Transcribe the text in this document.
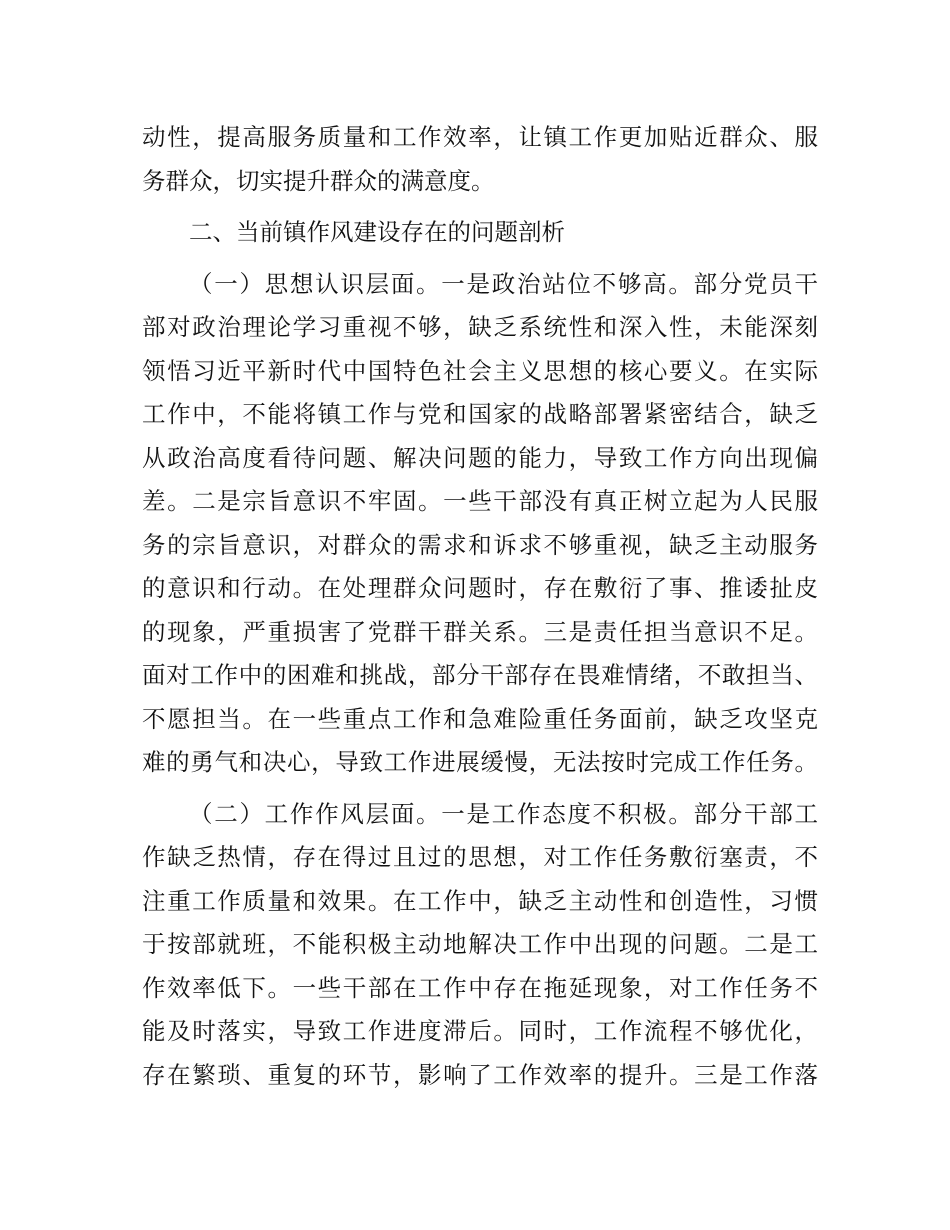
动性，提高服务质量和工作效率，让镇工作更加贴近群众、服
务群众，切实提升群众的满意度。
二、当前镇作风建设存在的问题剖析
（一）思想认识层面。一是政治站位不够高。部分党员干
部对政治理论学习重视不够，缺乏系统性和深入性，未能深刻
领悟习近平新时代中国特色社会主义思想的核心要义。在实际
工作中，不能将镇工作与党和国家的战略部署紧密结合，缺乏
从政治高度看待问题、解决问题的能力，导致工作方向出现偏
差。二是宗旨意识不牢固。一些干部没有真正树立起为人民服
务的宗旨意识，对群众的需求和诉求不够重视，缺乏主动服务
的意识和行动。在处理群众问题时，存在敷衍了事、推诿扯皮
的现象，严重损害了党群干群关系。三是责任担当意识不足。
面对工作中的困难和挑战，部分干部存在畏难情绪，不敢担当、
不愿担当。在一些重点工作和急难险重任务面前，缺乏攻坚克
难的勇气和决心，导致工作进展缓慢，无法按时完成工作任务。
（二）工作作风层面。一是工作态度不积极。部分干部工
作缺乏热情，存在得过且过的思想，对工作任务敷衍塞责，不
注重工作质量和效果。在工作中，缺乏主动性和创造性，习惯
于按部就班，不能积极主动地解决工作中出现的问题。二是工
作效率低下。一些干部在工作中存在拖延现象，对工作任务不
能及时落实，导致工作进度滞后。同时，工作流程不够优化，
存在繁琐、重复的环节，影响了工作效率的提升。三是工作落
